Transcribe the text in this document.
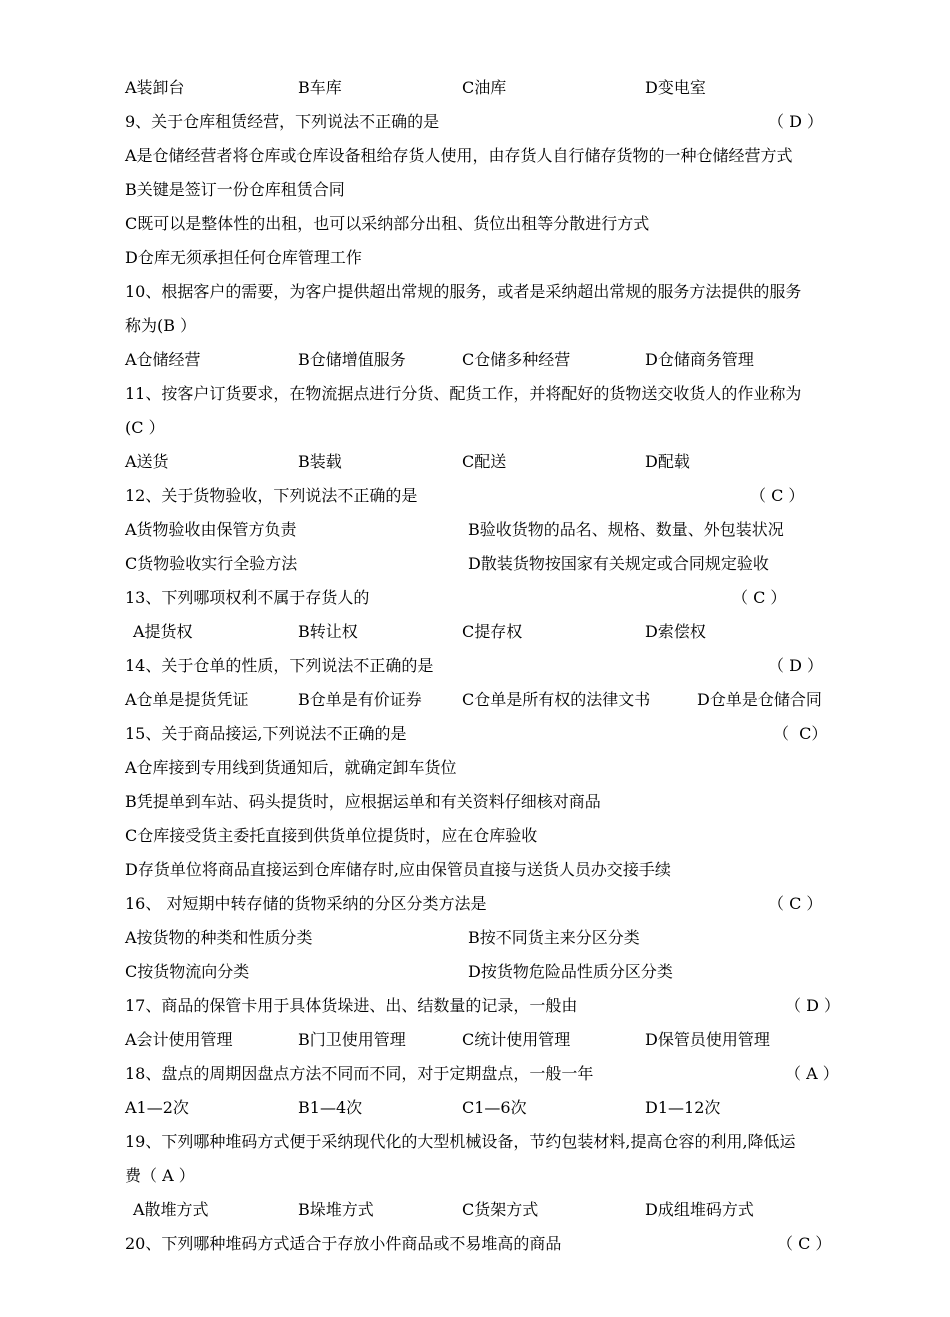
A装卸台	B车库	C油库	D变电室
9、关于仓库租赁经营，下列说法不正确的是	（ D ）
A是仓储经营者将仓库或仓库设备租给存货人使用，由存货人自行储存货物的一种仓储经营方式
B关键是签订一份仓库租赁合同
C既可以是整体性的出租，也可以采纳部分出租、货位出租等分散进行方式
D仓库无须承担任何仓库管理工作
10、根据客户的需要，为客户提供超出常规的服务，或者是采纳超出常规的服务方法提供的服务
称为(B ）
A仓储经营	B仓储增值服务	C仓储多种经营	D仓储商务管理
11、按客户订货要求，在物流据点进行分货、配货工作，并将配好的货物送交收货人的作业称为
(C ）
A送货	B装载	C配送	D配载
12、关于货物验收，下列说法不正确的是	（ C ）
A货物验收由保管方负责	B验收货物的品名、规格、数量、外包装状况
C货物验收实行全验方法	D散装货物按国家有关规定或合同规定验收
13、下列哪项权利不属于存货人的	（ C ）
A提货权	B转让权	C提存权	D索偿权
14、关于仓单的性质，下列说法不正确的是	（ D ）
A仓单是提货凭证	B仓单是有价证券	C仓单是所有权的法律文书	D仓单是仓储合同
15、关于商品接运,下列说法不正确的是	（  C）
A仓库接到专用线到货通知后，就确定卸车货位
B凭提单到车站、码头提货时，应根据运单和有关资料仔细核对商品
C仓库接受货主委托直接到供货单位提货时，应在仓库验收
D存货单位将商品直接运到仓库储存时,应由保管员直接与送货人员办交接手续
16、 对短期中转存储的货物采纳的分区分类方法是	（ C ）
A按货物的种类和性质分类	B按不同货主来分区分类
C按货物流向分类	D按货物危险品性质分区分类
17、商品的保管卡用于具体货垛进、出、结数量的记录，一般由	（ D ）
A会计使用管理	B门卫使用管理	C统计使用管理	D保管员使用管理
18、盘点的周期因盘点方法不同而不同，对于定期盘点，一般一年	（ A ）
A1—2次	B1—4次	C1—6次	D1—12次
19、下列哪种堆码方式便于采纳现代化的大型机械设备，节约包装材料,提高仓容的利用,降低运
费（ A ）
A散堆方式	B垛堆方式	C货架方式	D成组堆码方式
20、下列哪种堆码方式适合于存放小件商品或不易堆高的商品	（ C ）
